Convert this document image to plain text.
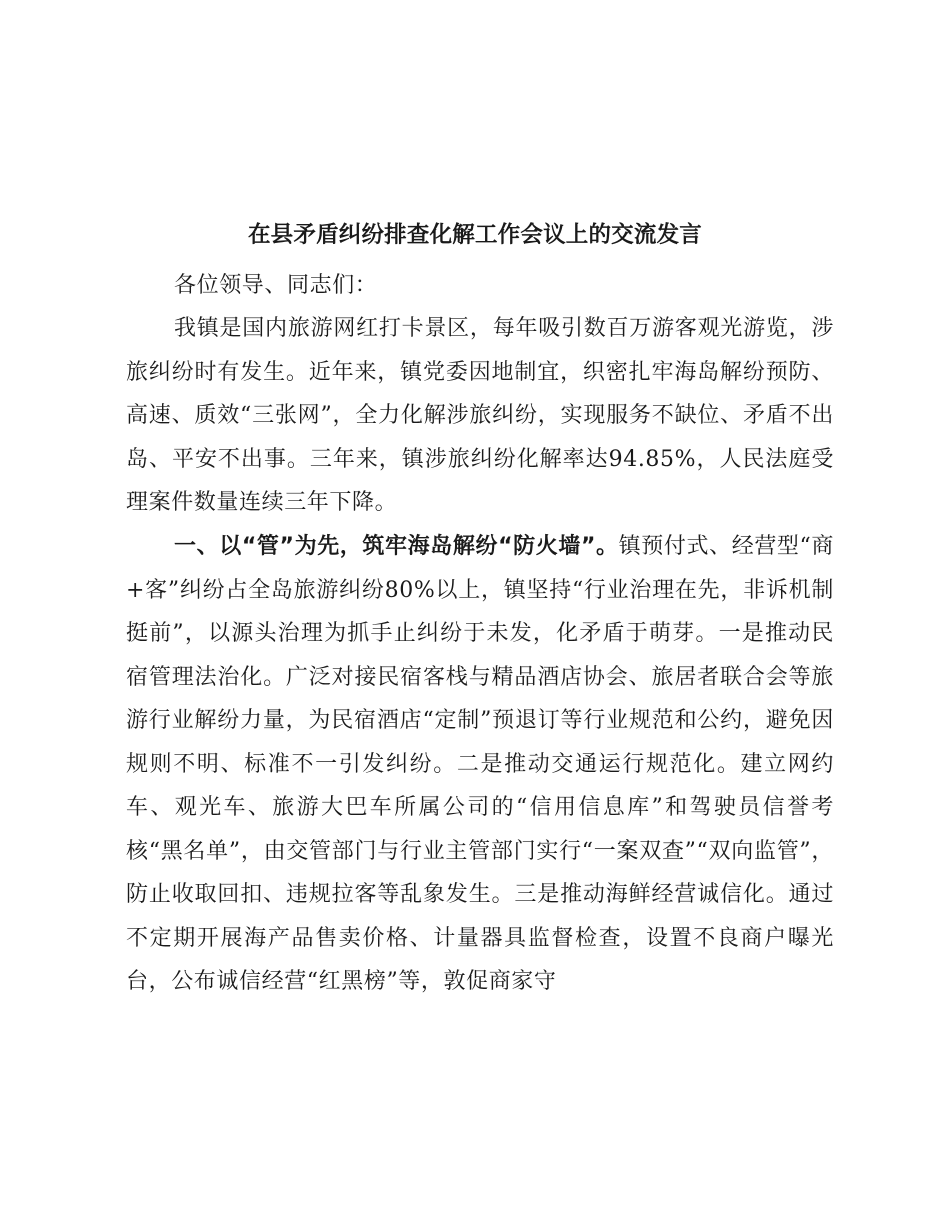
在县矛盾纠纷排查化解工作会议上的交流发言
各位领导、同志们：
我镇是国内旅游网红打卡景区，每年吸引数百万游客观光游览，涉旅纠纷时有发生。近年来，镇党委因地制宜，织密扎牢海岛解纷预防、高速、质效“三张网”，全力化解涉旅纠纷，实现服务不缺位、矛盾不出岛、平安不出事。三年来，镇涉旅纠纷化解率达94.85%，人民法庭受理案件数量连续三年下降。
一、以“管”为先，筑牢海岛解纷“防火墙”。镇预付式、经营型“商+客”纠纷占全岛旅游纠纷80%以上，镇坚持“行业治理在先，非诉机制挺前”，以源头治理为抓手止纠纷于未发，化矛盾于萌芽。一是推动民宿管理法治化。广泛对接民宿客栈与精品酒店协会、旅居者联合会等旅游行业解纷力量，为民宿酒店“定制”预退订等行业规范和公约，避免因规则不明、标准不一引发纠纷。二是推动交通运行规范化。建立网约车、观光车、旅游大巴车所属公司的“信用信息库”和驾驶员信誉考核“黑名单”，由交管部门与行业主管部门实行“一案双查”“双向监管”，防止收取回扣、违规拉客等乱象发生。三是推动海鲜经营诚信化。通过不定期开展海产品售卖价格、计量器具监督检查，设置不良商户曝光台，公布诚信经营“红黑榜”等，敦促商家守
